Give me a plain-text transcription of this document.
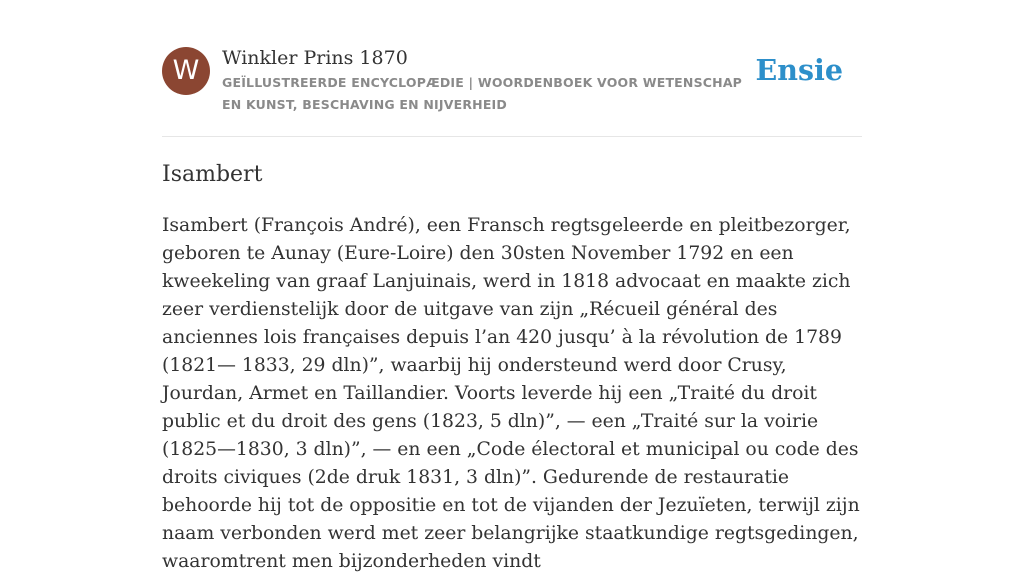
W	Winkler Prins 1870
GEÏLLUSTREERDE ENCYCLOPÆDIE | WOORDENBOEK VOOR WETENSCHAP EN KUNST, BESCHAVING EN NIJVERHEID
Ensie
Isambert

Isambert (François André), een Fransch regtsgeleerde en pleitbezorger, geboren te Aunay (Eure-Loire) den 30sten November 1792 en een kweekeling van graaf Lanjuinais, werd in 1818 advocaat en maakte zich zeer verdienstelijk door de uitgave van zijn „Récueil général des anciennes lois françaises depuis l’an 420 jusqu’ à la révolution de 1789 (1821— 1833, 29 dln)”, waarbij hij ondersteund werd door Crusy, Jourdan, Armet en Taillandier. Voorts leverde hij een „Traité du droit public et du droit des gens (1823, 5 dln)”, — een „Traité sur la voirie (1825—1830, 3 dln)”, — en een „Code électoral et municipal ou code des droits civiques (2de druk 1831, 3 dln)”. Gedurende de restauratie behoorde hij tot de oppositie en tot de vijanden der Jezuïeten, terwijl zijn naam verbonden werd met zeer belangrijke staatkundige regtsgedingen, waaromtrent men bijzonderheden vindt
